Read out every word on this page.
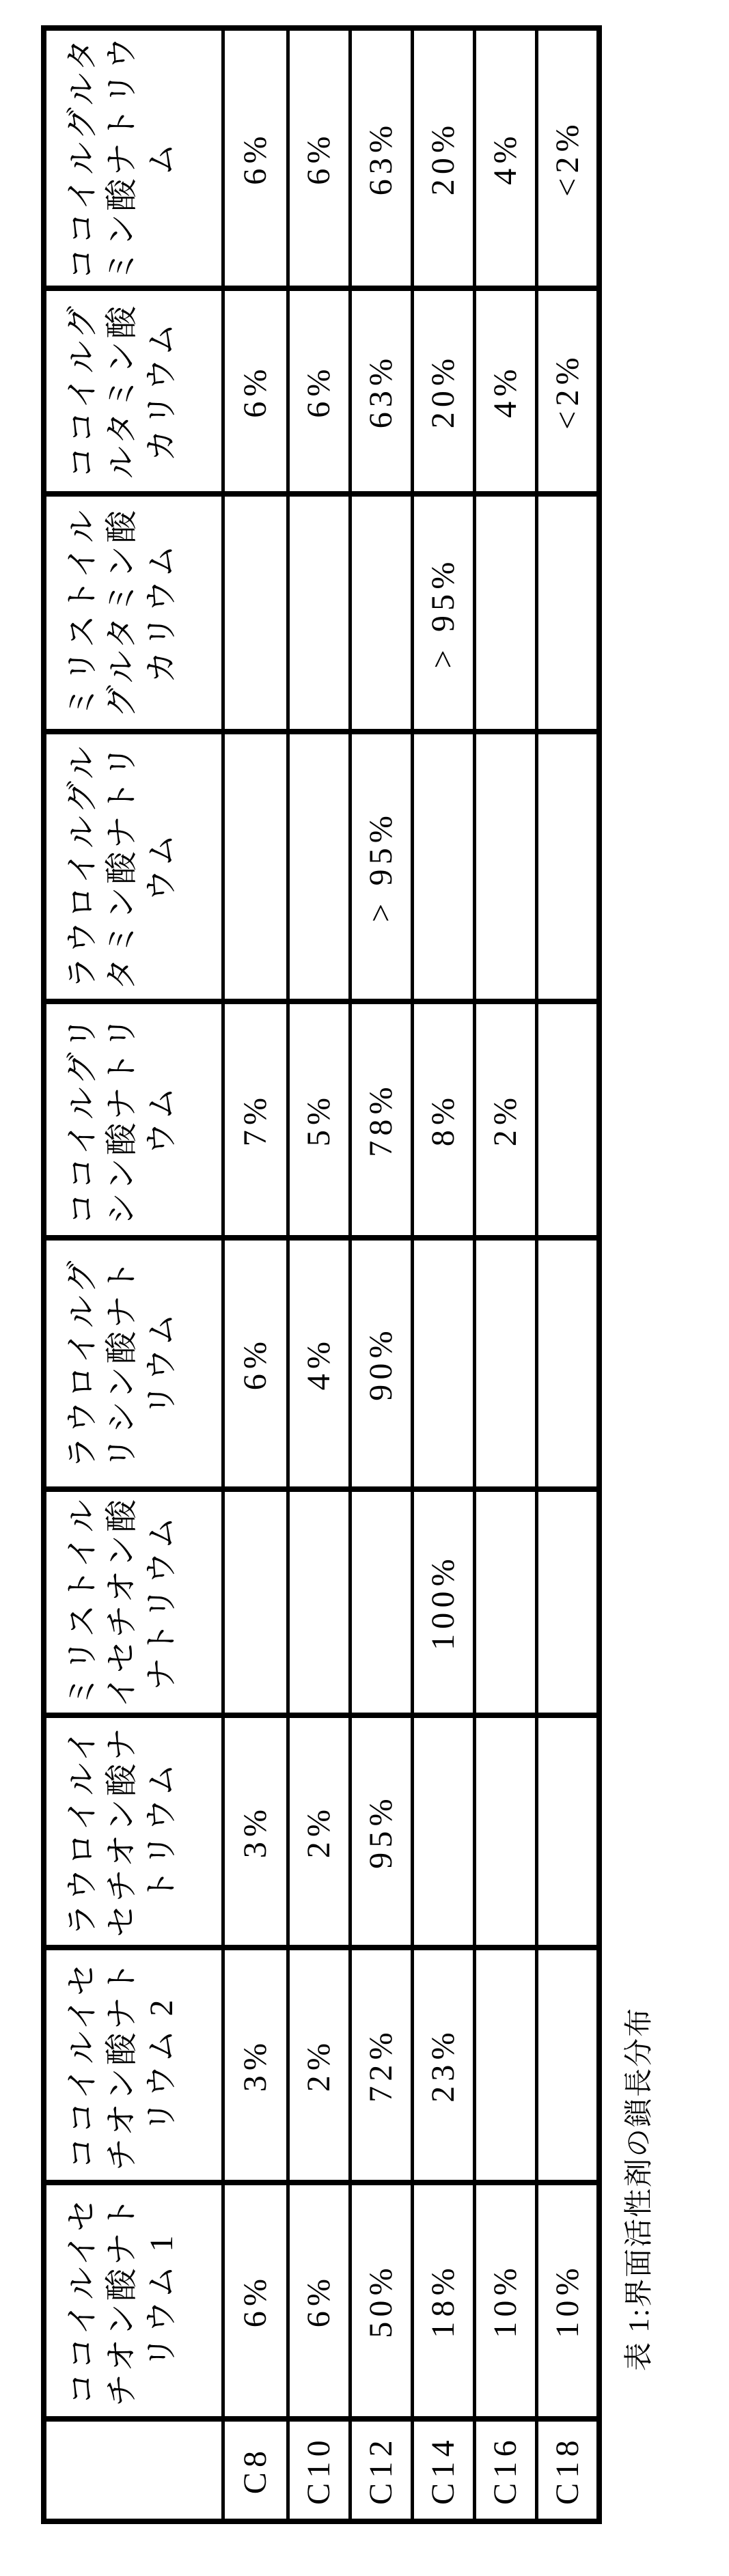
	ココイルイセチオン酸ナトリウム 1	ココイルイセチオン酸ナトリウム 2	ラウロイルイセチオン酸ナトリウム	ミリストイルイセチオン酸ナトリウム	ラウロイルグリシン酸ナトリウム	ココイルグリシン酸ナトリウム	ラウロイルグルタミン酸ナトリウム	ミリストイルグルタミン酸カリウム	ココイルグルタミン酸カリウム	ココイルグルタミン酸ナトリウム
C8	6%	3%	3%		6%	7%			6%	6%
C10	6%	2%	2%		4%	5%			6%	6%
C12	50%	72%	95%		90%	78%	> 95%		63%	63%
C14	18%	23%		100%		8%		> 95%	20%	20%
C16	10%					2%			4%	4%
C18	10%								<2%	<2%
表 1:界面活性剤の鎖長分布
